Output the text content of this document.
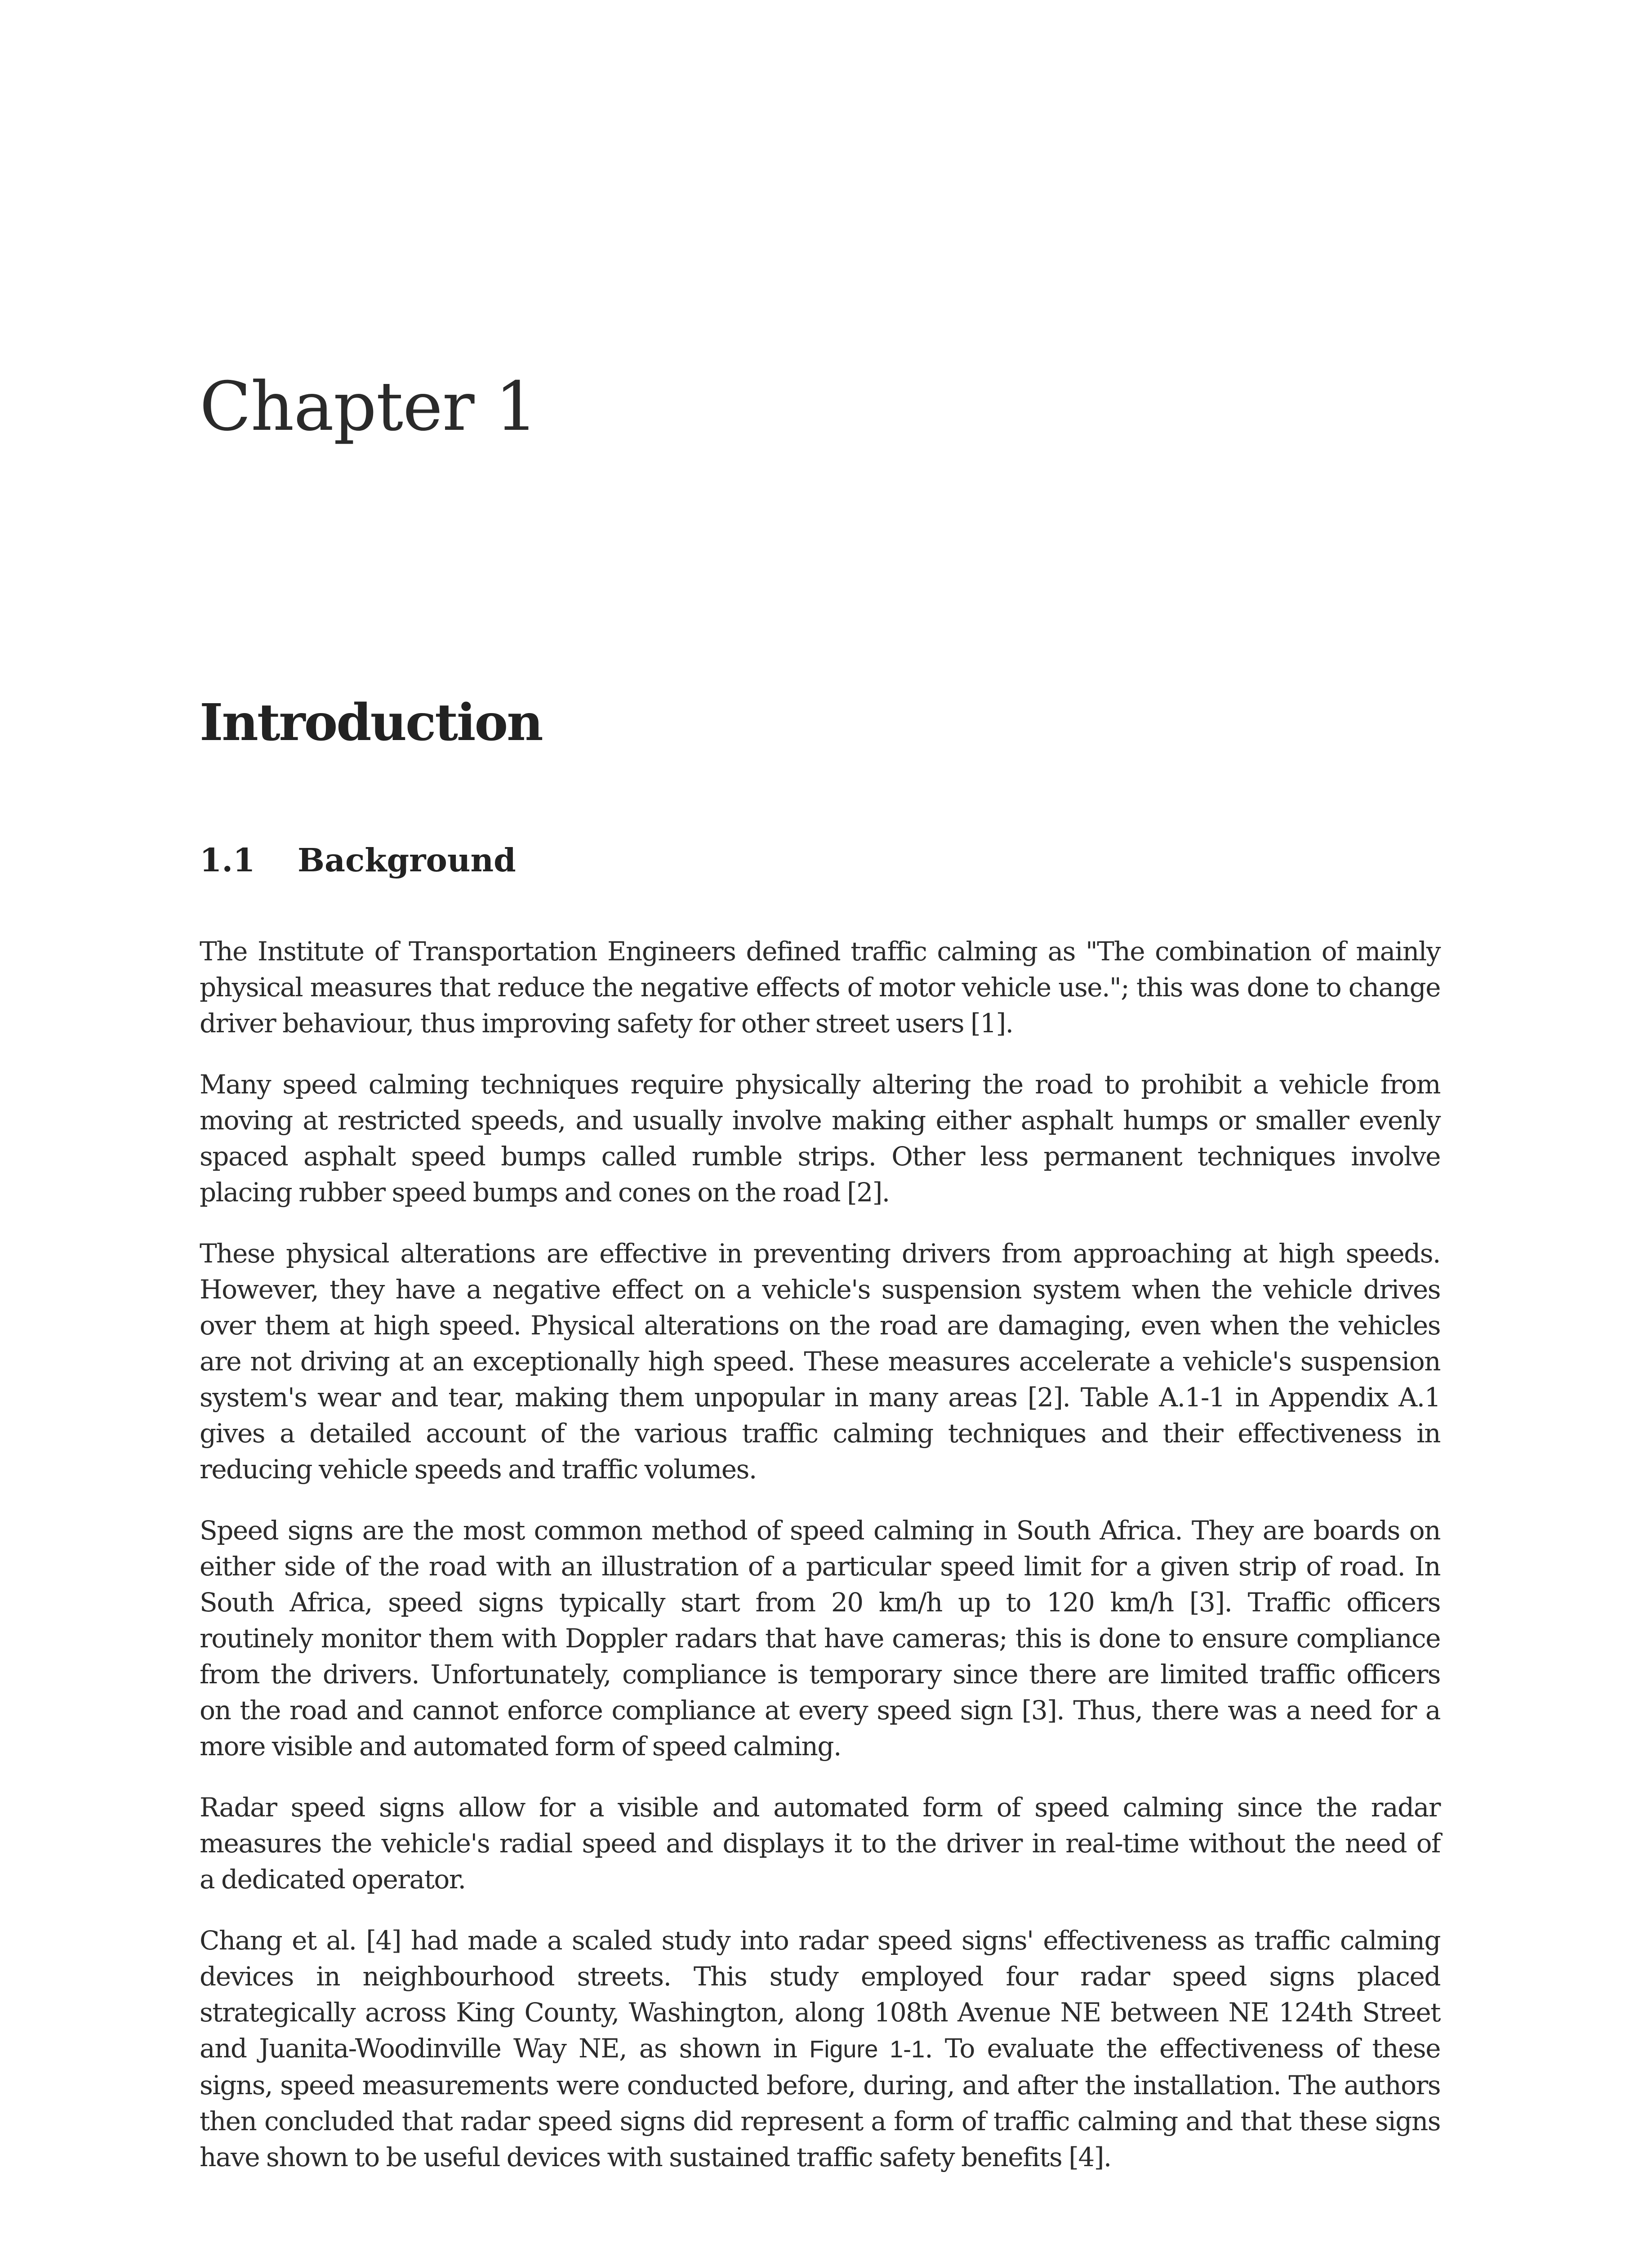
Chapter 1
Introduction
1.1 Background

The Institute of Transportation Engineers defined traffic calming as "The combination of mainly
physical measures that reduce the negative effects of motor vehicle use."; this was done to change
driver behaviour, thus improving safety for other street users [1].

Many speed calming techniques require physically altering the road to prohibit a vehicle from
moving at restricted speeds, and usually involve making either asphalt humps or smaller evenly
spaced asphalt speed bumps called rumble strips. Other less permanent techniques involve
placing rubber speed bumps and cones on the road [2].

These physical alterations are effective in preventing drivers from approaching at high speeds.
However, they have a negative effect on a vehicle's suspension system when the vehicle drives
over them at high speed. Physical alterations on the road are damaging, even when the vehicles
are not driving at an exceptionally high speed. These measures accelerate a vehicle's suspension
system's wear and tear, making them unpopular in many areas [2]. Table A.1-1 in Appendix A.1
gives a detailed account of the various traffic calming techniques and their effectiveness in
reducing vehicle speeds and traffic volumes.

Speed signs are the most common method of speed calming in South Africa. They are boards on
either side of the road with an illustration of a particular speed limit for a given strip of road. In
South Africa, speed signs typically start from 20 km/h up to 120 km/h [3]. Traffic officers
routinely monitor them with Doppler radars that have cameras; this is done to ensure compliance
from the drivers. Unfortunately, compliance is temporary since there are limited traffic officers
on the road and cannot enforce compliance at every speed sign [3]. Thus, there was a need for a
more visible and automated form of speed calming.

Radar speed signs allow for a visible and automated form of speed calming since the radar
measures the vehicle's radial speed and displays it to the driver in real-time without the need of
a dedicated operator.

Chang et al. [4] had made a scaled study into radar speed signs' effectiveness as traffic calming
devices in neighbourhood streets. This study employed four radar speed signs placed
strategically across King County, Washington, along 108th Avenue NE between NE 124th Street
and Juanita-Woodinville Way NE, as shown in Figure 1-1. To evaluate the effectiveness of these
signs, speed measurements were conducted before, during, and after the installation. The authors
then concluded that radar speed signs did represent a form of traffic calming and that these signs
have shown to be useful devices with sustained traffic safety benefits [4].
